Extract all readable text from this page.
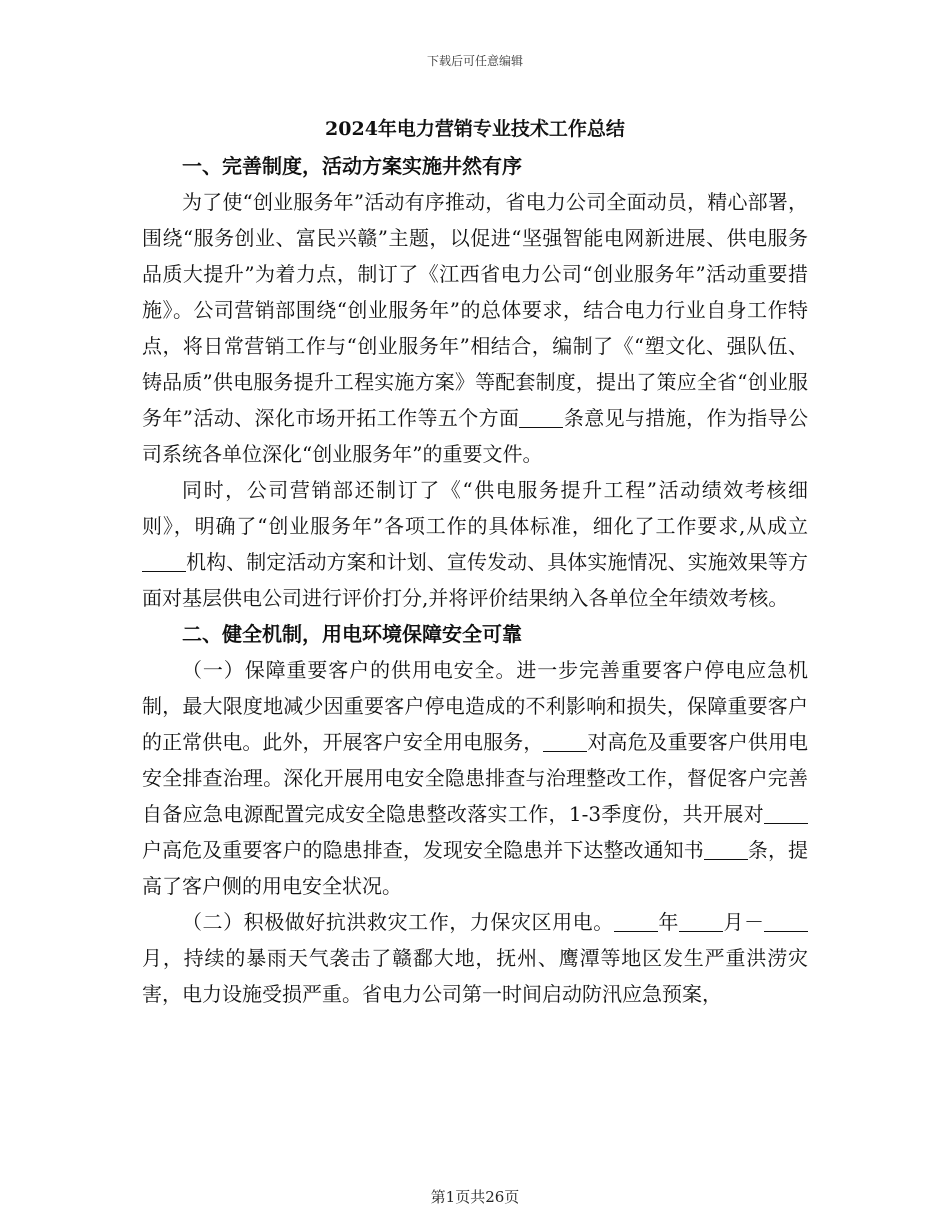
下载后可任意编辑
2024年电力营销专业技术工作总结
一、完善制度，活动方案实施井然有序

为了使“创业服务年”活动有序推动，省电力公司全面动员，精心部署，围绕“服务创业、富民兴赣”主题，以促进“坚强智能电网新进展、供电服务品质大提升”为着力点，制订了《江西省电力公司“创业服务年”活动重要措施》。公司营销部围绕“创业服务年”的总体要求，结合电力行业自身工作特点，将日常营销工作与“创业服务年”相结合，编制了《“塑文化、强队伍、铸品质”供电服务提升工程实施方案》等配套制度，提出了策应全省“创业服务年”活动、深化市场开拓工作等五个方面 条意见与措施，作为指导公司系统各单位深化“创业服务年”的重要文件。

同时，公司营销部还制订了《“供电服务提升工程”活动绩效考核细则》，明确了“创业服务年”各项工作的具体标准，细化了工作要求,从成立机构、制定活动方案和计划、宣传发动、具体实施情况、实施效果等方面对基层供电公司进行评价打分,并将评价结果纳入各单位全年绩效考核。

二、健全机制，用电环境保障安全可靠

（一）保障重要客户的供用电安全。进一步完善重要客户停电应急机制，最大限度地减少因重要客户停电造成的不利影响和损失，保障重要客户的正常供电。此外，开展客户安全用电服务， 对高危及重要客户供用电安全排查治理。深化开展用电安全隐患排查与治理整改工作，督促客户完善自备应急电源配置完成安全隐患整改落实工作，1-3季度份，共开展对户高危及重要客户的隐患排查，发现安全隐患并下达整改通知书 条，提高了客户侧的用电安全状况。

（二）积极做好抗洪救灾工作，力保灾区用电。 年 月－月，持续的暴雨天气袭击了赣鄱大地，抚州、鹰潭等地区发生严重洪涝灾害，电力设施受损严重。省电力公司第一时间启动防汛应急预案，

第1页共26页
